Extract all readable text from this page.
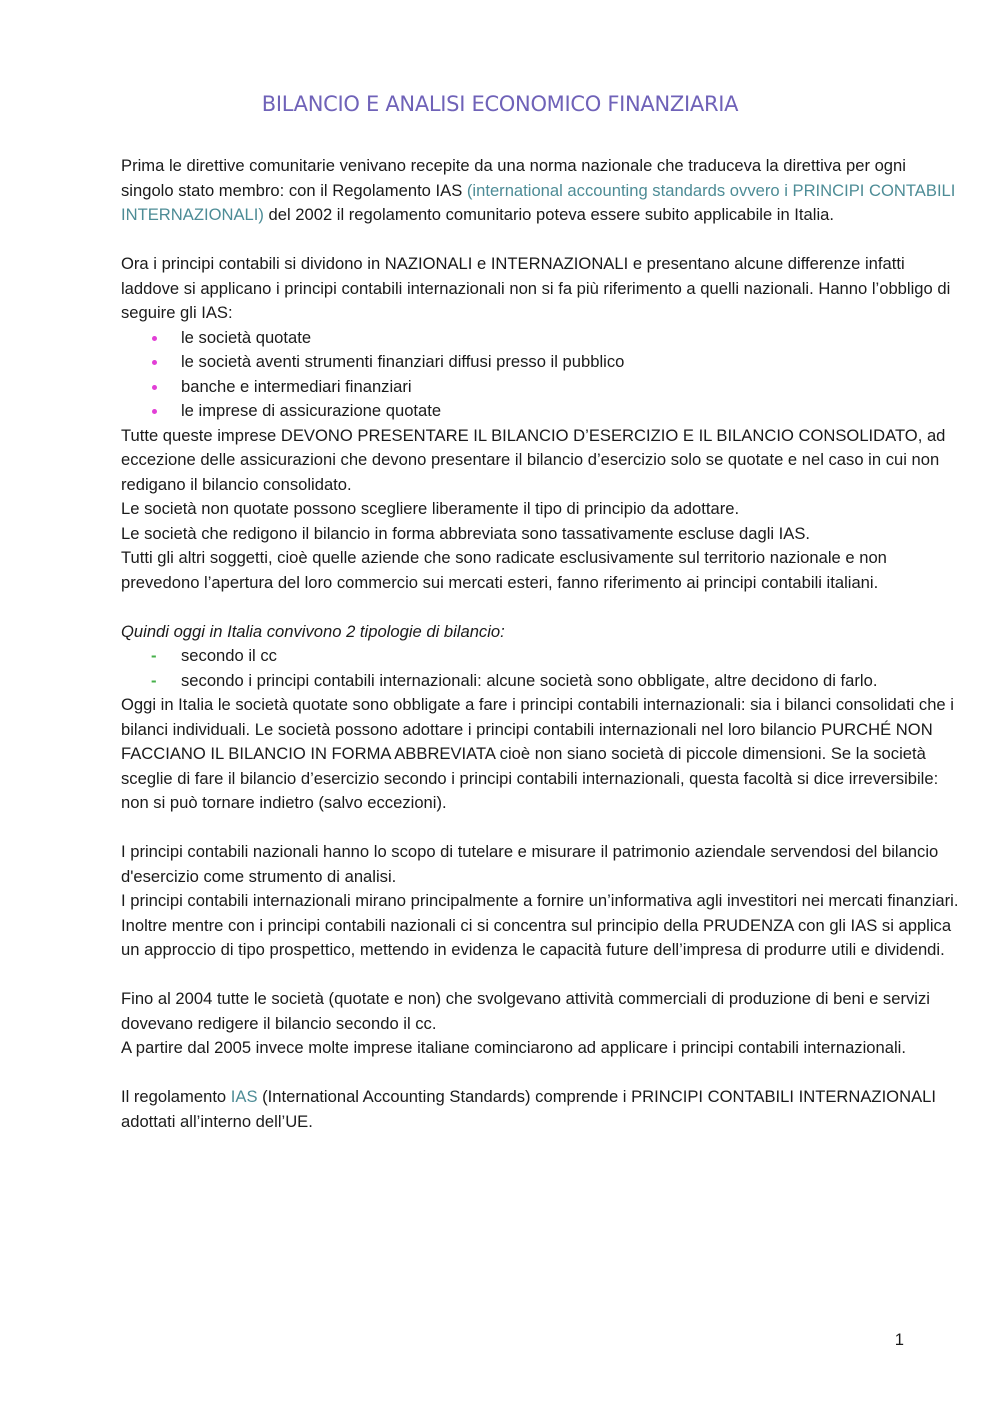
BILANCIO E ANALISI ECONOMICO FINANZIARIA

Prima le direttive comunitarie venivano recepite da una norma nazionale che traduceva la direttiva per ogni singolo stato membro: con il Regolamento IAS (international accounting standards ovvero i PRINCIPI CONTABILI INTERNAZIONALI) del 2002 il regolamento comunitario poteva essere subito applicabile in Italia.

Ora i principi contabili si dividono in NAZIONALI e INTERNAZIONALI e presentano alcune differenze infatti laddove si applicano i principi contabili internazionali non si fa più riferimento a quelli nazionali. Hanno l’obbligo di seguire gli IAS:

le società quotate
le società aventi strumenti finanziari diffusi presso il pubblico
banche e intermediari finanziari
le imprese di assicurazione quotate

Tutte queste imprese DEVONO PRESENTARE IL BILANCIO D’ESERCIZIO E IL BILANCIO CONSOLIDATO, ad eccezione delle assicurazioni che devono presentare il bilancio d’esercizio solo se quotate e nel caso in cui non redigano il bilancio consolidato.

Le società non quotate possono scegliere liberamente il tipo di principio da adottare.

Le società che redigono il bilancio in forma abbreviata sono tassativamente escluse dagli IAS.

Tutti gli altri soggetti, cioè quelle aziende che sono radicate esclusivamente sul territorio nazionale e non prevedono l’apertura del loro commercio sui mercati esteri, fanno riferimento ai principi contabili italiani.

Quindi oggi in Italia convivono 2 tipologie di bilancio:

- secondo il cc
- secondo i principi contabili internazionali: alcune società sono obbligate, altre decidono di farlo.

Oggi in Italia le società quotate sono obbligate a fare i principi contabili internazionali: sia i bilanci consolidati che i bilanci individuali. Le società possono adottare i principi contabili internazionali nel loro bilancio PURCHÉ NON FACCIANO IL BILANCIO IN FORMA ABBREVIATA cioè non siano società di piccole dimensioni. Se la società sceglie di fare il bilancio d’esercizio secondo i principi contabili internazionali, questa facoltà si dice irreversibile: non si può tornare indietro (salvo eccezioni).

I principi contabili nazionali hanno lo scopo di tutelare e misurare il patrimonio aziendale servendosi del bilancio d'esercizio come strumento di analisi.

I principi contabili internazionali mirano principalmente a fornire un’informativa agli investitori nei mercati finanziari.

Inoltre mentre con i principi contabili nazionali ci si concentra sul principio della PRUDENZA con gli IAS si applica un approccio di tipo prospettico, mettendo in evidenza le capacità future dell’impresa di produrre utili e dividendi.

Fino al 2004 tutte le società (quotate e non) che svolgevano attività commerciali di produzione di beni e servizi dovevano redigere il bilancio secondo il cc.

A partire dal 2005 invece molte imprese italiane cominciarono ad applicare i principi contabili internazionali.

Il regolamento IAS (International Accounting Standards) comprende i PRINCIPI CONTABILI INTERNAZIONALI adottati all’interno dell’UE.

1
